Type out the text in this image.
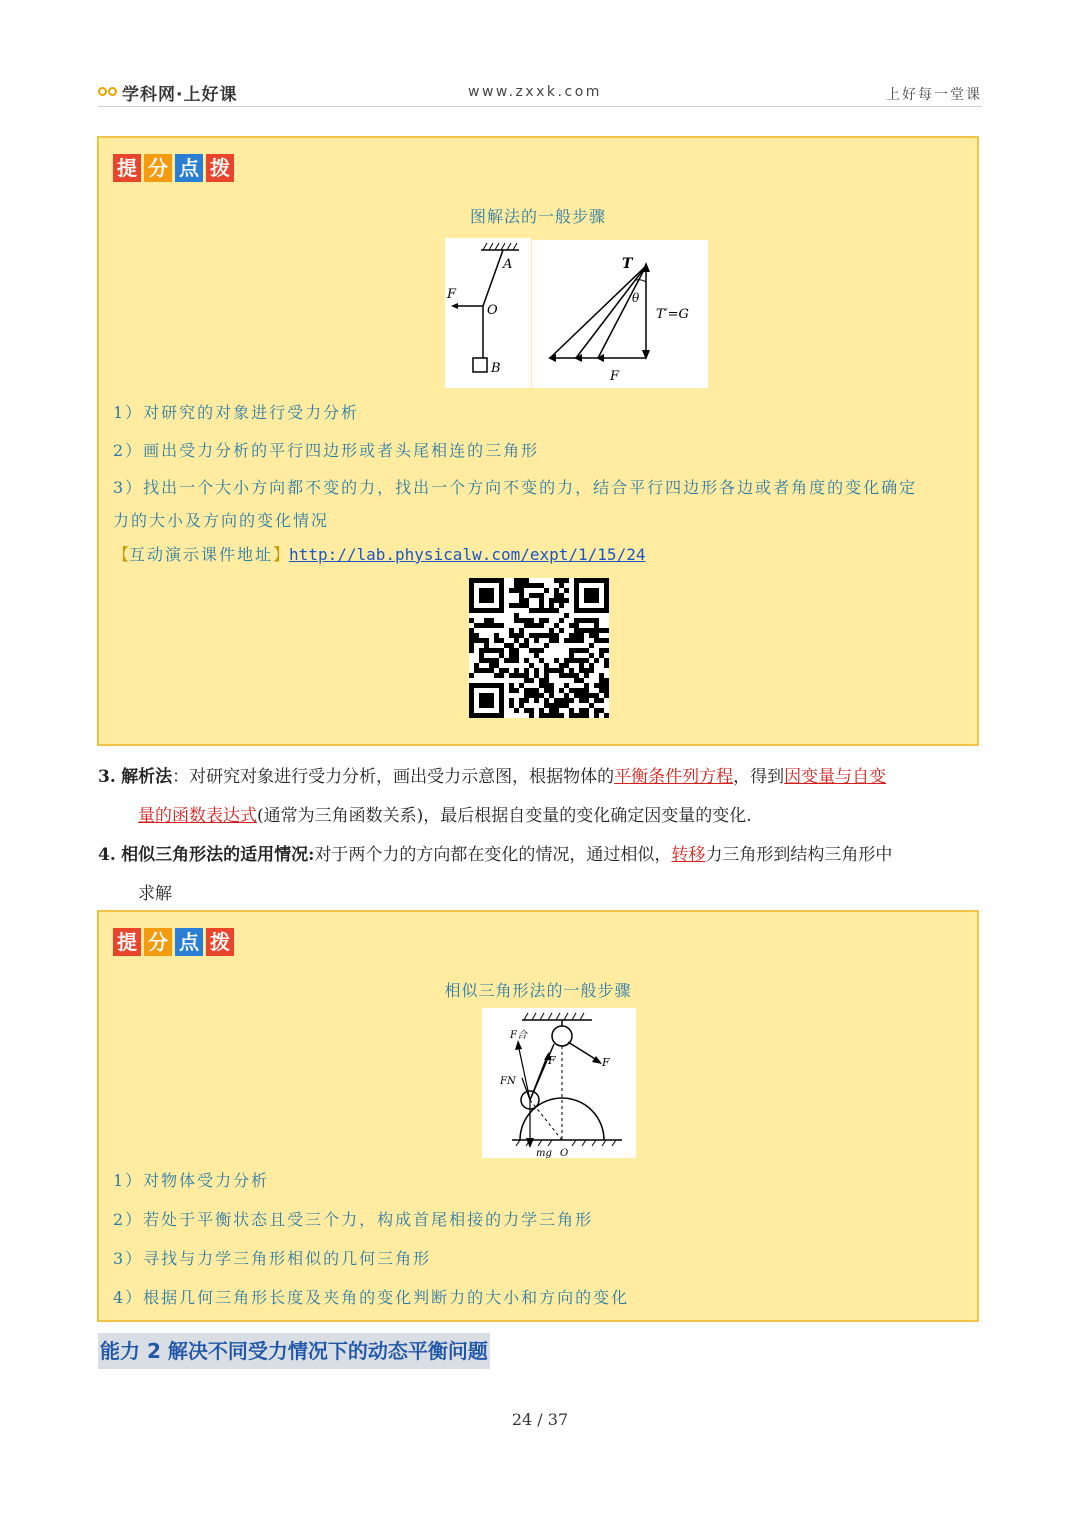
学科网·上好课	www.zxxk.com	上好每一堂课
提 分 点 拨
图解法的一般步骤
A
F
O
B
T
θ
T′=G
F
1）对研究的对象进行受力分析
2）画出受力分析的平行四边形或者头尾相连的三角形
3）找出一个大小方向都不变的力，找出一个方向不变的力，结合平行四边形各边或者角度的变化确定
力的大小及方向的变化情况
【互动演示课件地址】http://lab.physicalw.com/expt/1/15/24
3. 解析法：对研究对象进行受力分析，画出受力示意图，根据物体的平衡条件列方程，得到因变量与自变
量的函数表达式(通常为三角函数关系)，最后根据自变量的变化确定因变量的变化.
4. 相似三角形法的适用情况:对于两个力的方向都在变化的情况，通过相似，转移力三角形到结构三角形中
求解
提 分 点 拨
相似三角形法的一般步骤
F合
F
FN
F
mg O
1）对物体受力分析
2）若处于平衡状态且受三个力，构成首尾相接的力学三角形
3）寻找与力学三角形相似的几何三角形
4）根据几何三角形长度及夹角的变化判断力的大小和方向的变化
能力 2 解决不同受力情况下的动态平衡问题
24 / 37
